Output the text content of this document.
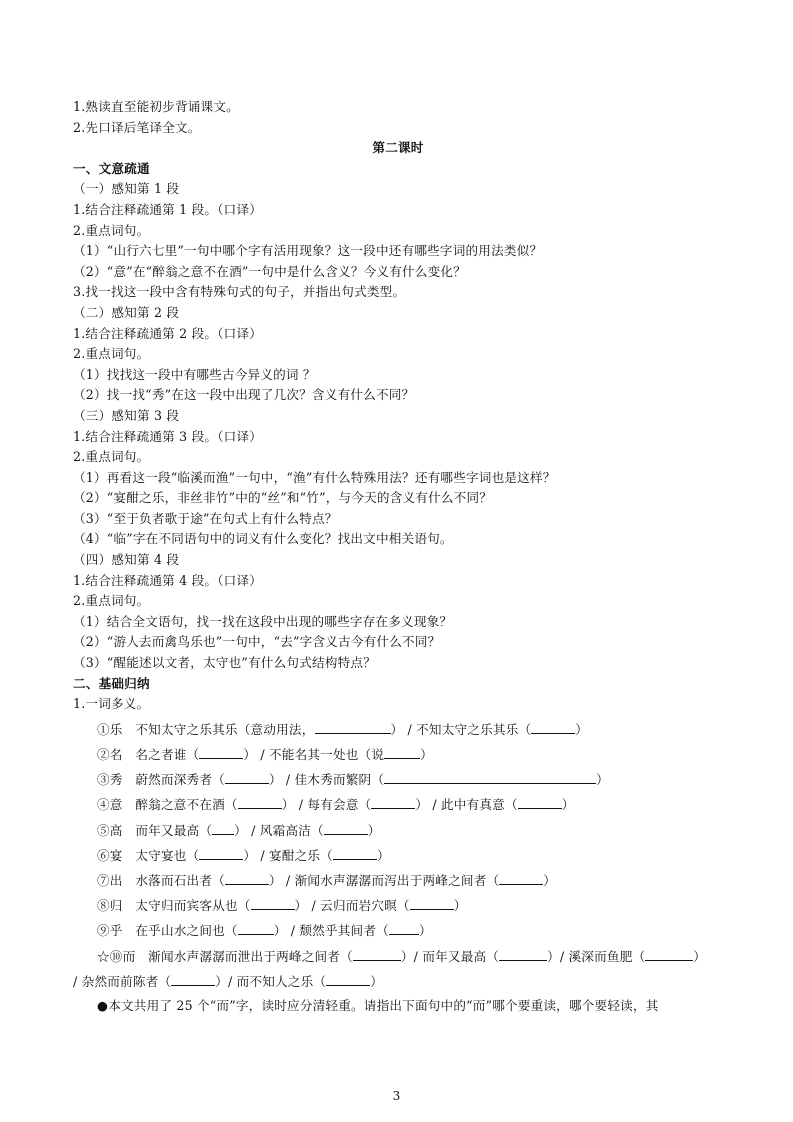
1.熟读直至能初步背诵课文。
2.先口译后笔译全文。
第二课时
一、文意疏通
（一）感知第 1 段
1.结合注释疏通第 1 段。（口译）
2.重点词句。
（1）“山行六七里”一句中哪个字有活用现象？这一段中还有哪些字词的用法类似？
（2）“意”在“醉翁之意不在酒”一句中是什么含义？今义有什么变化？
3.找一找这一段中含有特殊句式的句子，并指出句式类型。
（二）感知第 2 段
1.结合注释疏通第 2 段。（口译）
2.重点词句。
（1）找找这一段中有哪些古今异义的词 ？
（2）找一找“秀”在这一段中出现了几次？含义有什么不同？
（三）感知第 3 段
1.结合注释疏通第 3 段。（口译）
2.重点词句。
（1）再看这一段“临溪而渔”一句中，“渔”有什么特殊用法？还有哪些字词也是这样？
（2）“宴酣之乐，非丝非竹”中的“丝”和“竹”，与今天的含义有什么不同？
（3）“至于负者歌于途”在句式上有什么特点？
（4）“临”字在不同语句中的词义有什么变化？找出文中相关语句。
（四）感知第 4 段
1.结合注释疏通第 4 段。（口译）
2.重点词句。
（1）结合全文语句，找一找在这段中出现的哪些字存在多义现象？
（2）“游人去而禽鸟乐也”一句中，“去”字含义古今有什么不同？
（3）“醒能述以文者，太守也”有什么句式结构特点？
二、基础归纳
1.一词多义。
①乐　不知太守之乐其乐（意动用法，	） / 不知太守之乐其乐（	）
②名　名之者谁（	） / 不能名其一处也（说	）
③秀　蔚然而深秀者（	） / 佳木秀而繁阴（	）
④意　醉翁之意不在酒（	） / 每有会意（	） / 此中有真意（	）
⑤高　而年又最高（ ） / 风霜高洁（	）
⑥宴　太守宴也（	） / 宴酣之乐（	）
⑦出　水落而石出者（	） / 渐闻水声潺潺而泻出于两峰之间者（	）
⑧归　太守归而宾客从也（	） / 云归而岩穴暝（	）
⑨乎　在乎山水之间也（	） / 颓然乎其间者（ ）
☆⑩而　渐闻水声潺潺而泄出于两峰之间者（	）/ 而年又最高（	）/ 溪深而鱼肥（	）
/ 杂然而前陈者（	）/ 而不知人之乐（	）
●本文共用了 25 个“而”字，读时应分清轻重。请指出下面句中的“而”哪个要重读，哪个要轻读，其
3
